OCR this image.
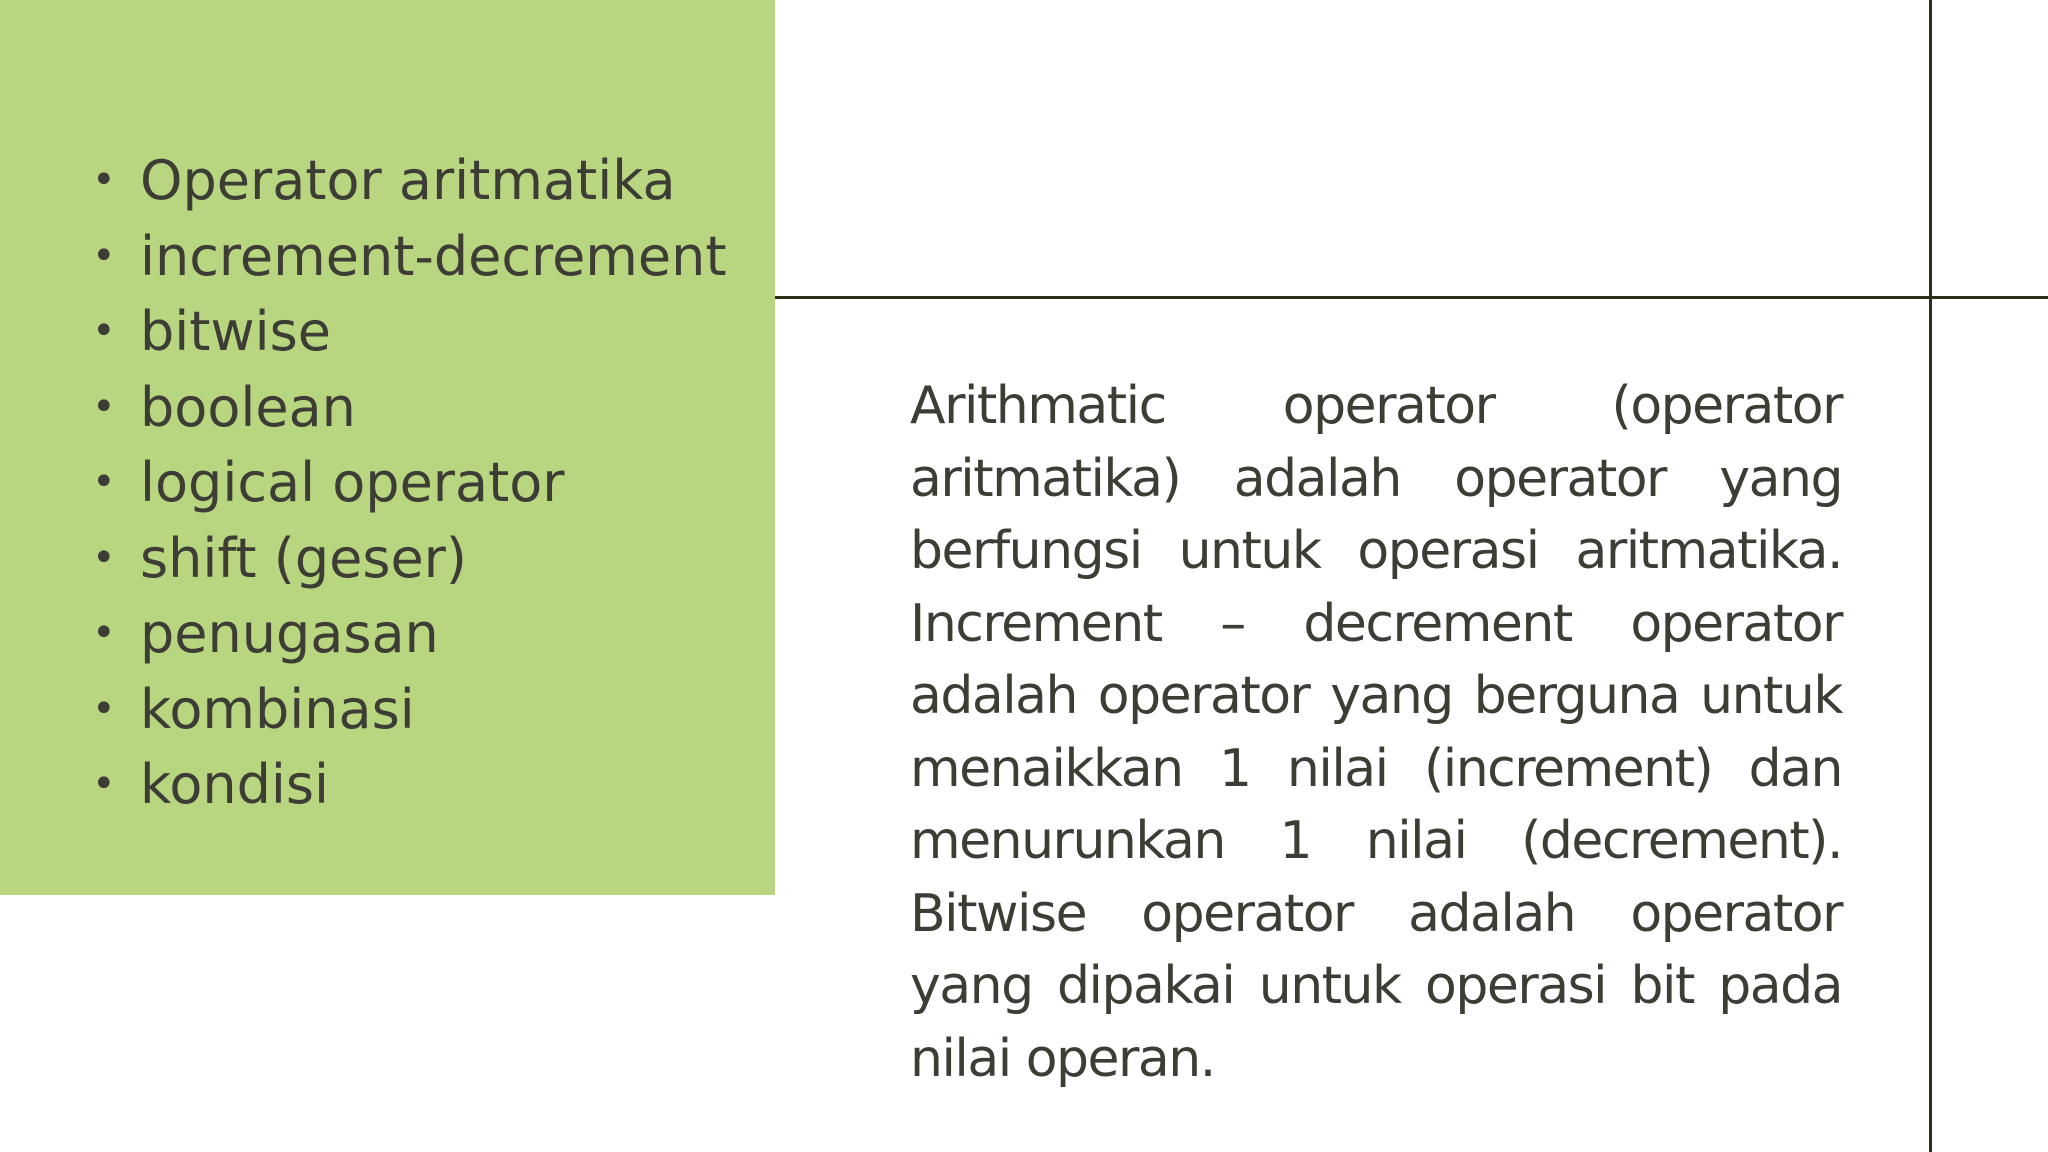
• Operator aritmatika
• increment-decrement
• bitwise
• boolean
• logical operator
• shift (geser)
• penugasan
• kombinasi
• kondisi

Arithmatic operator (operator aritmatika) adalah operator yang berfungsi untuk operasi aritmatika. Increment – decrement operator adalah operator yang berguna untuk menaikkan 1 nilai (increment) dan menurunkan 1 nilai (decrement). Bitwise operator adalah operator yang dipakai untuk operasi bit pada nilai operan.
